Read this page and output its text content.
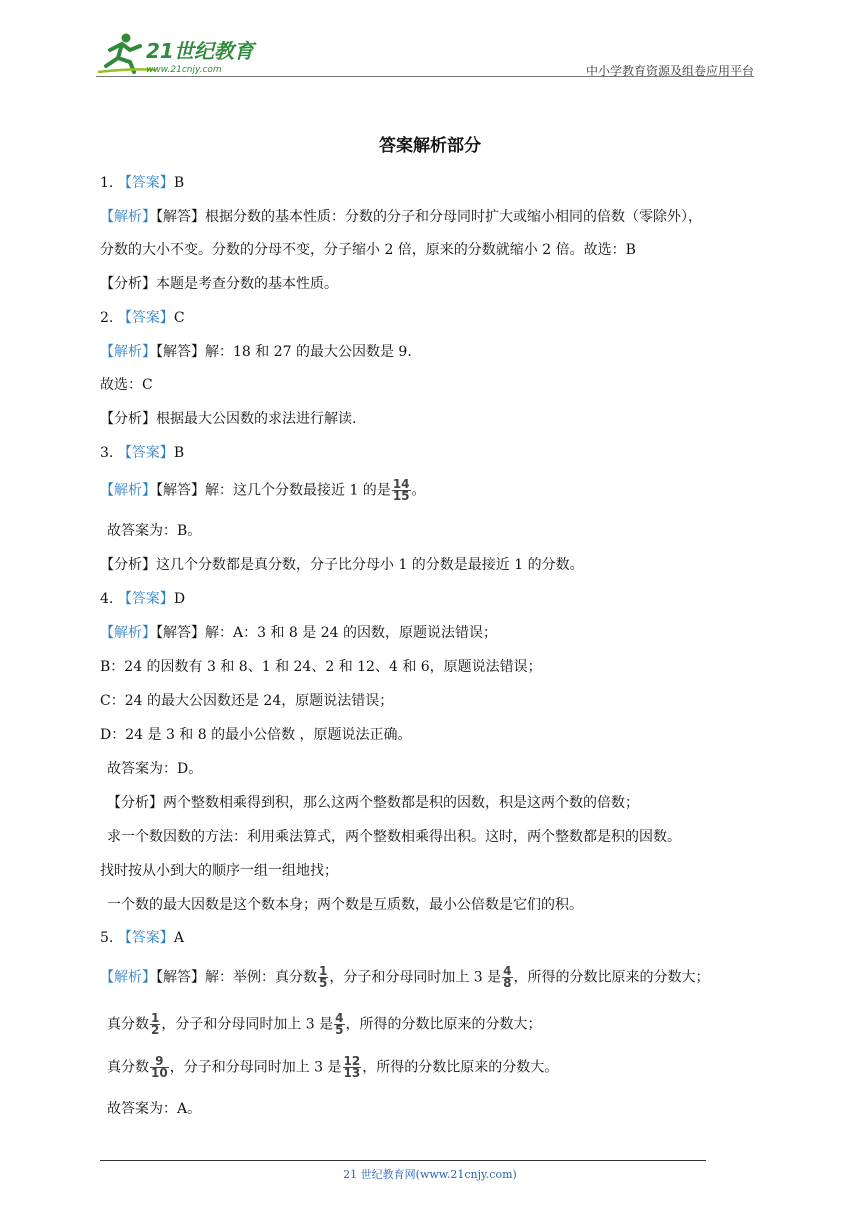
21世纪教育
www.21cnjy.com	中小学教育资源及组卷应用平台
答案解析部分
1. 【答案】B
【解析】【解答】根据分数的基本性质：分数的分子和分母同时扩大或缩小相同的倍数（零除外），
分数的大小不变。分数的分母不变，分子缩小 2 倍，原来的分数就缩小 2 倍。故选：B
【分析】本题是考查分数的基本性质。
2. 【答案】C
【解析】【解答】解：18 和 27 的最大公因数是 9.
故选：C
【分析】根据最大公因数的求法进行解读.
3. 【答案】B
【解析】【解答】解：这几个分数最接近 1 的是 $\frac{14}{15}$ 。
故答案为：B。
【分析】这几个分数都是真分数，分子比分母小 1 的分数是最接近 1 的分数。
4. 【答案】D
【解析】【解答】解：A：3 和 8 是 24 的因数，原题说法错误；
B：24 的因数有 3 和 8、1 和 24、2 和 12、4 和 6，原题说法错误；
C：24 的最大公因数还是 24，原题说法错误；
D：24 是 3 和 8 的最小公倍数 ，原题说法正确。
故答案为：D。
【分析】两个整数相乘得到积，那么这两个整数都是积的因数，积是这两个数的倍数；
求一个数因数的方法：利用乘法算式，两个整数相乘得出积。这时，两个整数都是积的因数。
找时按从小到大的顺序一组一组地找；
一个数的最大因数是这个数本身；两个数是互质数，最小公倍数是它们的积。
5. 【答案】A
【解析】【解答】解：举例：真分数 $\frac{1}{5}$ ，分子和分母同时加上 3 是 $\frac{4}{8}$ ，所得的分数比原来的分数大；
真分数 $\frac{1}{2}$ ，分子和分母同时加上 3 是 $\frac{4}{5}$ ，所得的分数比原来的分数大；
真分数 $\frac{9}{10}$ ，分子和分母同时加上 3 是 $\frac{12}{13}$ ，所得的分数比原来的分数大。
故答案为：A。
21 世纪教育网(www.21cnjy.com)
